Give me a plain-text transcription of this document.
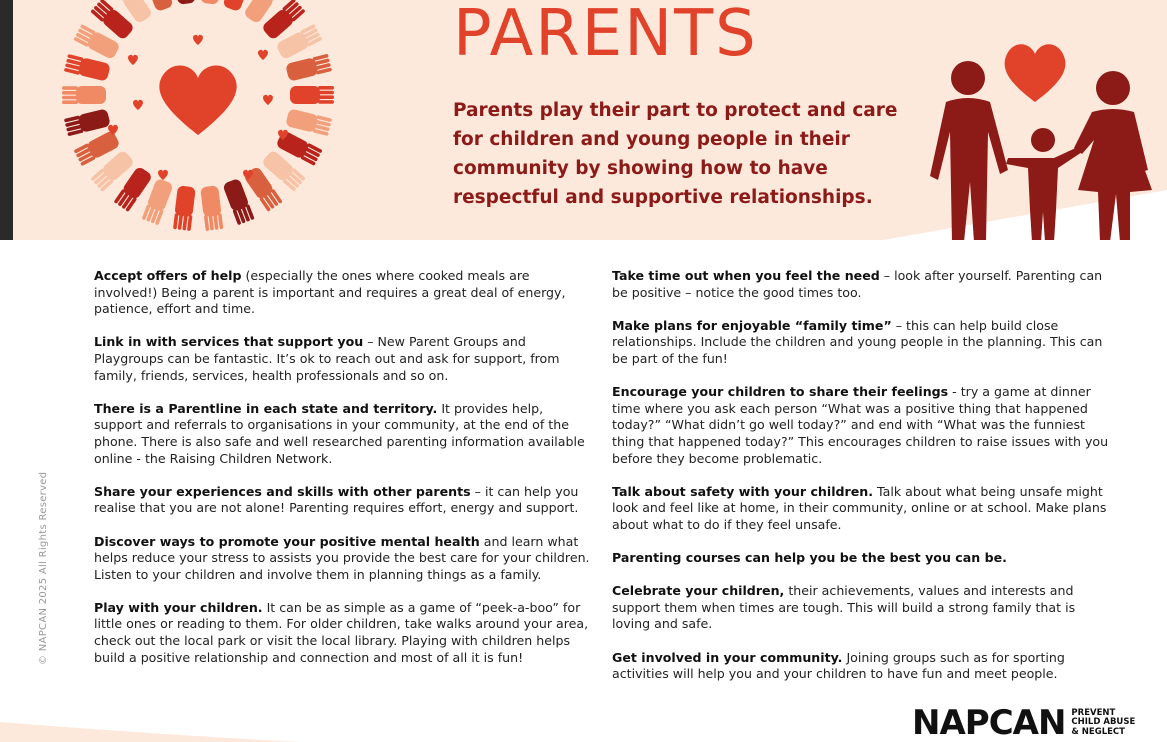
PARENTS
Parents play their part to protect and care for children and young people in their community by showing how to have respectful and supportive relationships.

Accept offers of help (especially the ones where cooked meals are involved!) Being a parent is important and requires a great deal of energy, patience, effort and time.

Link in with services that support you – New Parent Groups and Playgroups can be fantastic. It’s ok to reach out and ask for support, from family, friends, services, health professionals and so on.

There is a Parentline in each state and territory. It provides help, support and referrals to organisations in your community, at the end of the phone. There is also safe and well researched parenting information available online - the Raising Children Network.

Share your experiences and skills with other parents – it can help you realise that you are not alone! Parenting requires effort, energy and support.

Discover ways to promote your positive mental health and learn what helps reduce your stress to assists you provide the best care for your children. Listen to your children and involve them in planning things as a family.

Play with your children. It can be as simple as a game of “peek-a-boo” for little ones or reading to them. For older children, take walks around your area, check out the local park or visit the local library. Playing with children helps build a positive relationship and connection and most of all it is fun!

Take time out when you feel the need – look after yourself. Parenting can be positive – notice the good times too.

Make plans for enjoyable “family time” – this can help build close relationships. Include the children and young people in the planning. This can be part of the fun!

Encourage your children to share their feelings - try a game at dinner time where you ask each person “What was a positive thing that happened today?” “What didn’t go well today?” and end with “What was the funniest thing that happened today?” This encourages children to raise issues with you before they become problematic.

Talk about safety with your children. Talk about what being unsafe might look and feel like at home, in their community, online or at school. Make plans about what to do if they feel unsafe.

Parenting courses can help you be the best you can be.

Celebrate your children, their achievements, values and interests and support them when times are tough. This will build a strong family that is loving and safe.

Get involved in your community. Joining groups such as for sporting activities will help you and your children to have fun and meet people.

© NAPCAN 2025 All Rights Reserved
NAPCAN PREVENT
CHILD ABUSE
& NEGLECT
